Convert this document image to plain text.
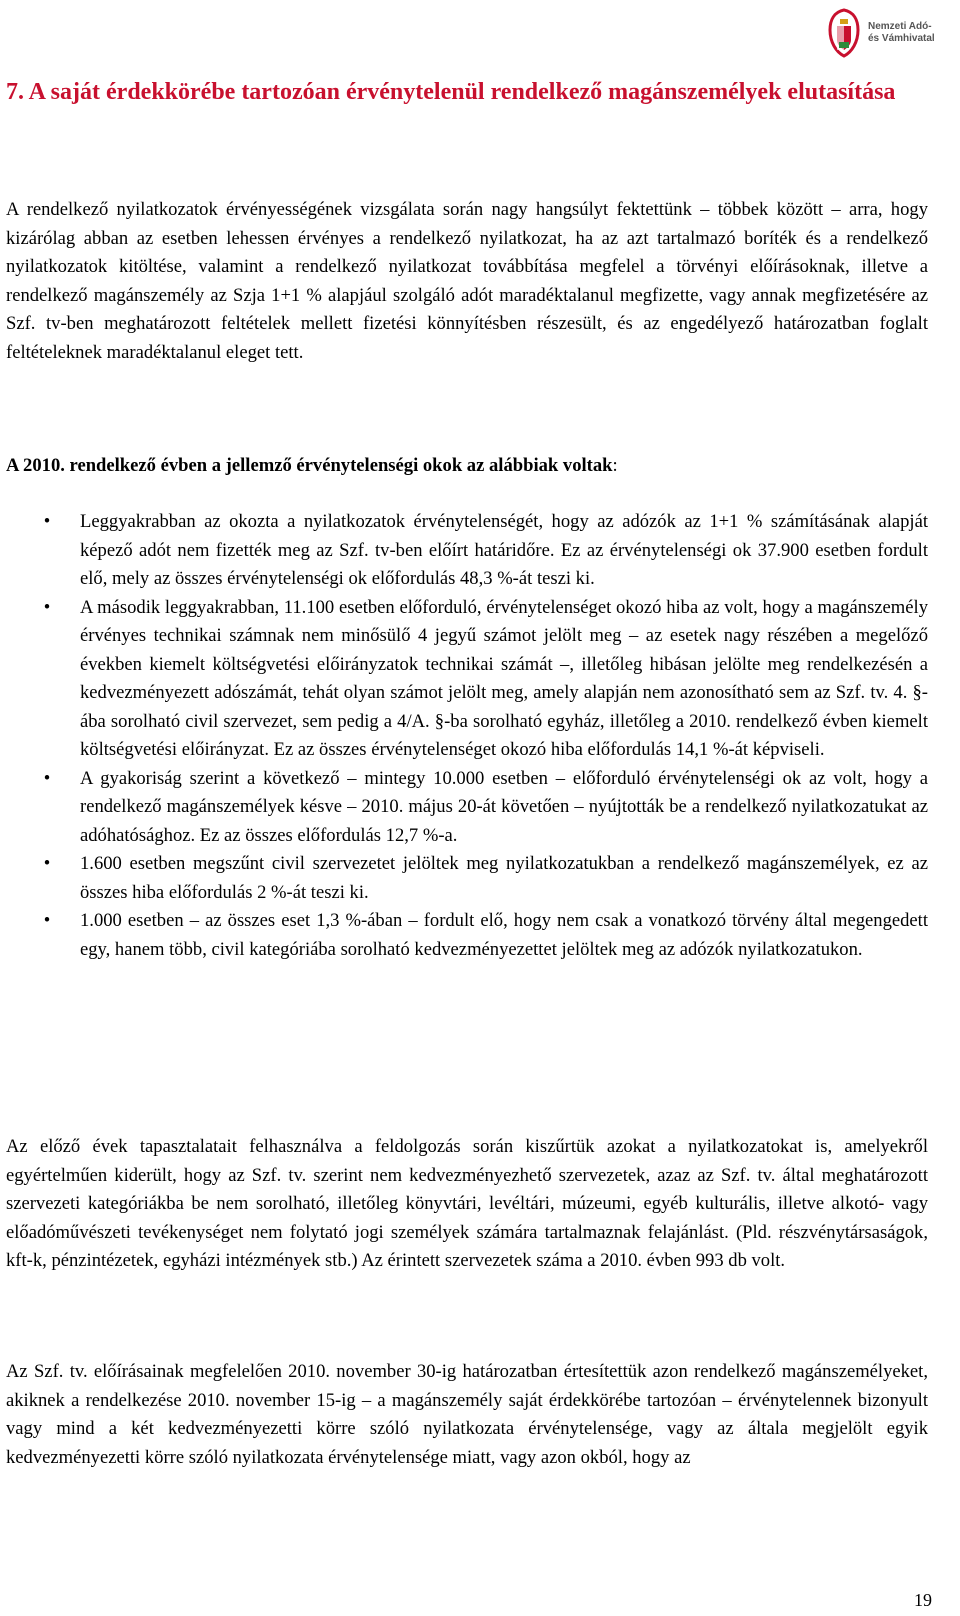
Nemzeti Adó-
és Vámhivatal
7. A saját érdekkörébe tartozóan érvénytelenül rendelkező magánszemélyek elutasítása

A rendelkező nyilatkozatok érvényességének vizsgálata során nagy hangsúlyt fektettünk – többek között – arra, hogy kizárólag abban az esetben lehessen érvényes a rendelkező nyilatkozat, ha az azt tartalmazó boríték és a rendelkező nyilatkozatok kitöltése, valamint a rendelkező nyilatkozat továbbítása megfelel a törvényi előírásoknak, illetve a rendelkező magánszemély az Szja 1+1 % alapjául szolgáló adót maradéktalanul megfizette, vagy annak megfizetésére az Szf. tv-ben meghatározott feltételek mellett fizetési könnyítésben részesült, és az engedélyező határozatban foglalt feltételeknek maradéktalanul eleget tett.

A 2010. rendelkező évben a jellemző érvénytelenségi okok az alábbiak voltak:

• Leggyakrabban az okozta a nyilatkozatok érvénytelenségét, hogy az adózók az 1+1 % számításának alapját képező adót nem fizették meg az Szf. tv-ben előírt határidőre. Ez az érvénytelenségi ok 37.900 esetben fordult elő, mely az összes érvénytelenségi ok előfordulás 48,3 %-át teszi ki.
• A második leggyakrabban, 11.100 esetben előforduló, érvénytelenséget okozó hiba az volt, hogy a magánszemély érvényes technikai számnak nem minősülő 4 jegyű számot jelölt meg – az esetek nagy részében a megelőző években kiemelt költségvetési előirányzatok technikai számát –, illetőleg hibásan jelölte meg rendelkezésén a kedvezményezett adószámát, tehát olyan számot jelölt meg, amely alapján nem azonosítható sem az Szf. tv. 4. §-ába sorolható civil szervezet, sem pedig a 4/A. §-ba sorolható egyház, illetőleg a 2010. rendelkező évben kiemelt költségvetési előirányzat. Ez az összes érvénytelenséget okozó hiba előfordulás 14,1 %-át képviseli.
• A gyakoriság szerint a következő – mintegy 10.000 esetben – előforduló érvénytelenségi ok az volt, hogy a rendelkező magánszemélyek késve – 2010. május 20-át követően – nyújtották be a rendelkező nyilatkozatukat az adóhatósághoz. Ez az összes előfordulás 12,7 %-a.
• 1.600 esetben megszűnt civil szervezetet jelöltek meg nyilatkozatukban a rendelkező magánszemélyek, ez az összes hiba előfordulás 2 %-át teszi ki.
• 1.000 esetben – az összes eset 1,3 %-ában – fordult elő, hogy nem csak a vonatkozó törvény által megengedett egy, hanem több, civil kategóriába sorolható kedvezményezettet jelöltek meg az adózók nyilatkozatukon.

Az előző évek tapasztalatait felhasználva a feldolgozás során kiszűrtük azokat a nyilatkozatokat is, amelyekről egyértelműen kiderült, hogy az Szf. tv. szerint nem kedvezményezhető szervezetek, azaz az Szf. tv. által meghatározott szervezeti kategóriákba be nem sorolható, illetőleg könyvtári, levéltári, múzeumi, egyéb kulturális, illetve alkotó- vagy előadóművészeti tevékenységet nem folytató jogi személyek számára tartalmaznak felajánlást. (Pld. részvénytársaságok, kft-k, pénzintézetek, egyházi intézmények stb.) Az érintett szervezetek száma a 2010. évben 993 db volt.

Az Szf. tv. előírásainak megfelelően 2010. november 30-ig határozatban értesítettük azon rendelkező magánszemélyeket, akiknek a rendelkezése 2010. november 15-ig – a magánszemély saját érdekkörébe tartozóan – érvénytelennek bizonyult vagy mind a két kedvezményezetti körre szóló nyilatkozata érvénytelensége, vagy az általa megjelölt egyik kedvezményezetti körre szóló nyilatkozata érvénytelensége miatt, vagy azon okból, hogy az

19
